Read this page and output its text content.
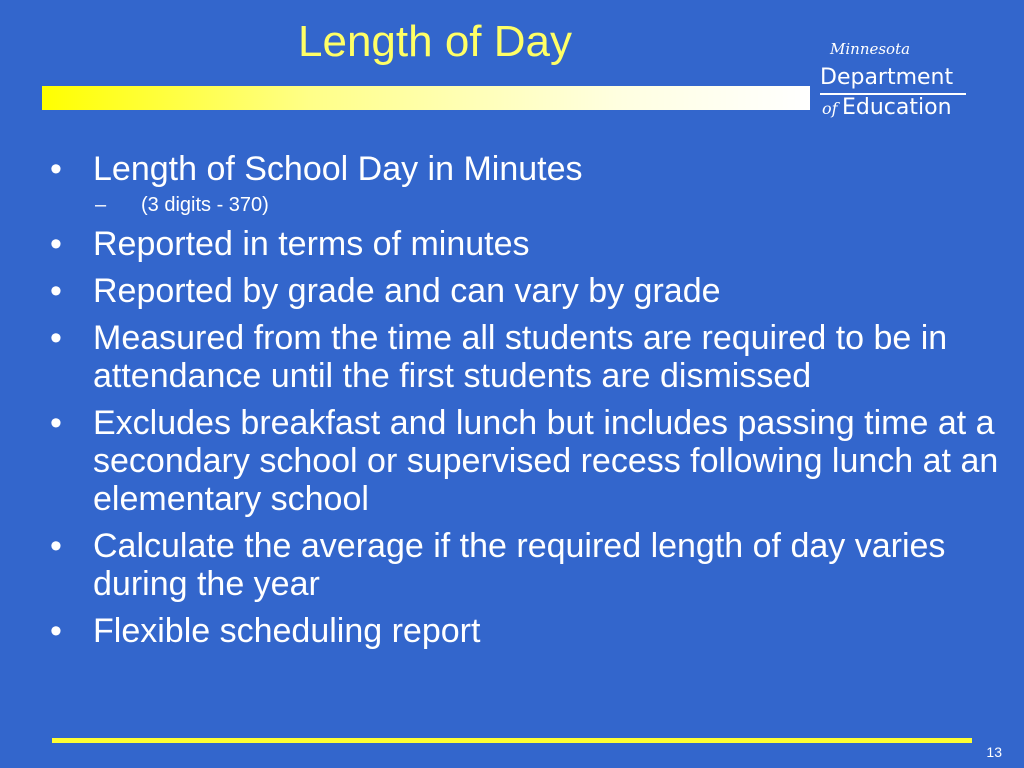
Length of Day	Minnesota
Department
of Education
• Length of School Day in Minutes
– (3 digits - 370)
• Reported in terms of minutes
• Reported by grade and can vary by grade
• Measured from the time all students are required to be in attendance until the first students are dismissed
• Excludes breakfast and lunch but includes passing time at a secondary school or supervised recess following lunch at an elementary school
• Calculate the average if the required length of day varies during the year
• Flexible scheduling report
13
